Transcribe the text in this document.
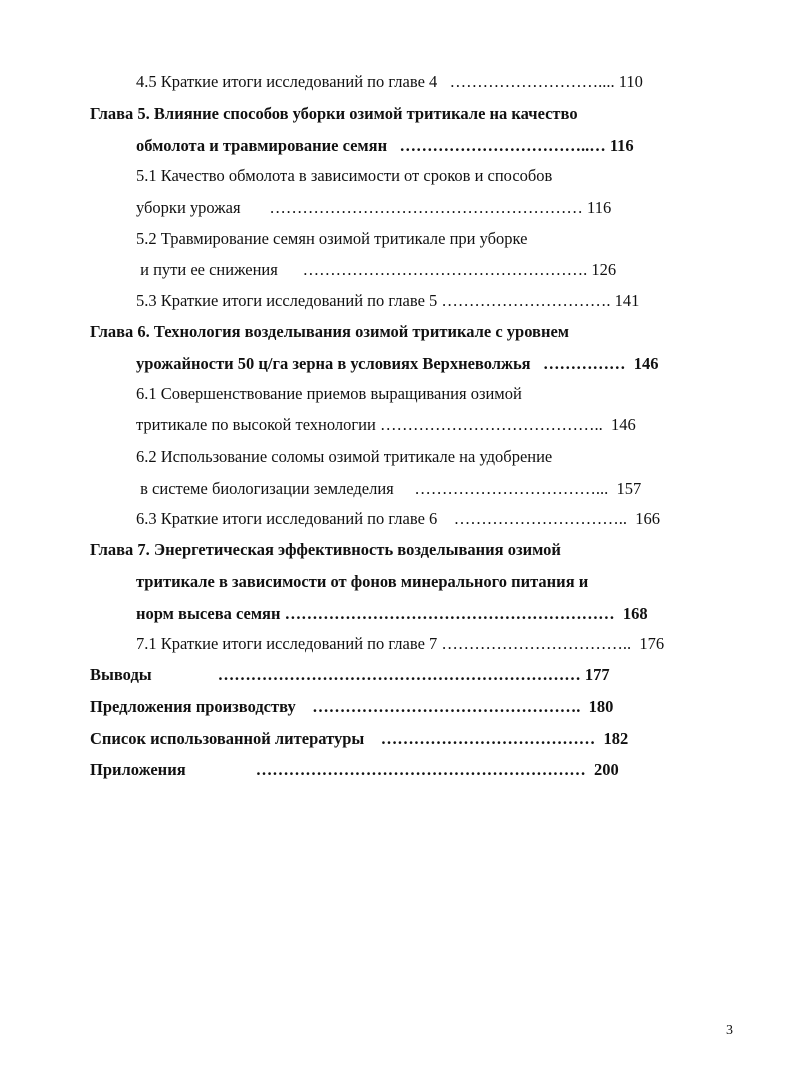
4.5 Краткие итоги исследований по главе 4   ……………………….... 110
Глава 5. Влияние способов уборки озимой тритикале на качество
обмолота и травмирование семян   ……………………………..… 116
5.1 Качество обмолота в зависимости от сроков и способов
уборки урожая       ………………………………………………… 116
5.2 Травмирование семян озимой тритикале при уборке
и пути ее снижения      ……………………………………………. 126
5.3 Краткие итоги исследований по главе 5 …………………………. 141
Глава 6. Технология возделывания озимой тритикале с уровнем
урожайности 50 ц/га зерна в условиях Верхневолжья   ……………  146
6.1 Совершенствование приемов выращивания озимой
тритикале по высокой технологии …………………………………..  146
6.2 Использование соломы озимой тритикале на удобрение
в системе биологизации земледелия     ……………………………...  157
6.3 Краткие итоги исследований по главе 6    …………………………..  166
Глава 7. Энергетическая эффективность возделывания озимой
тритикале в зависимости от фонов минерального питания и
норм высева семян ……………………………………………………  168
7.1 Краткие итоги исследований по главе 7 ……………………………..  176
Выводы                ………………………………………………………… 177
Предложения производству    ………………………………………….  180
Список использованной литературы    …………………………………  182
Приложения                 ……………………………………………………  200
3
